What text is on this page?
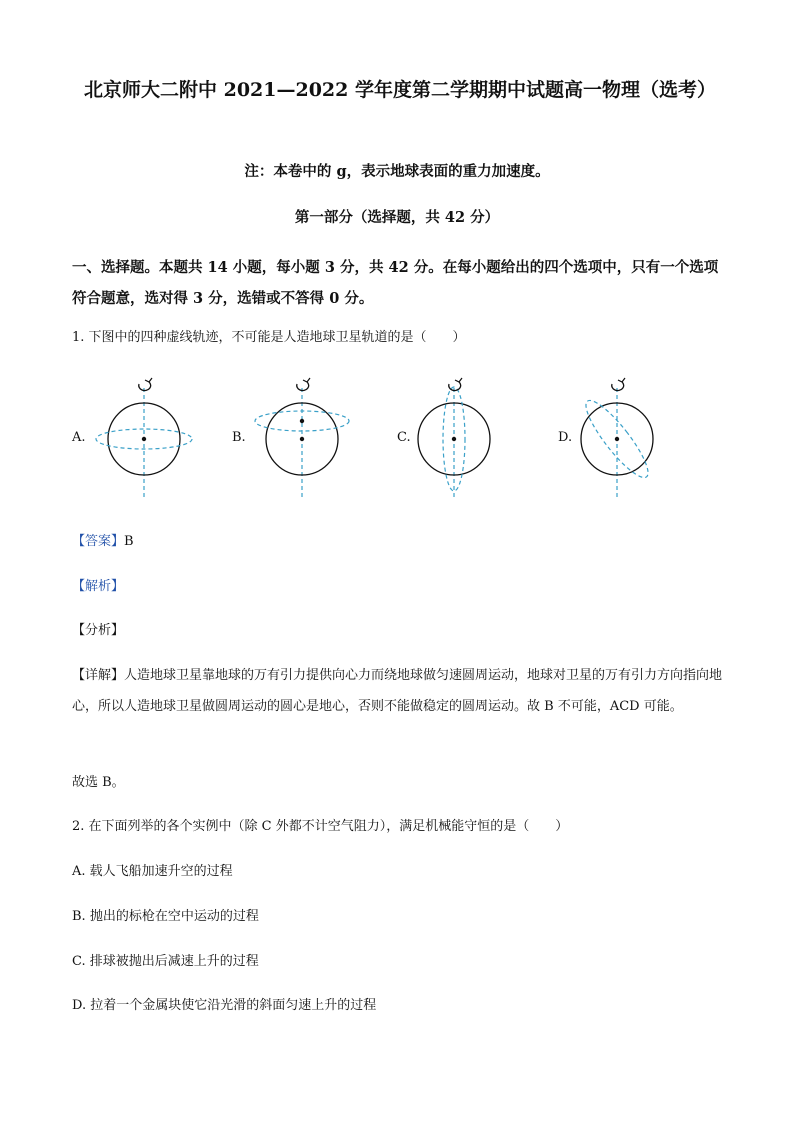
北京师大二附中 2021—2022 学年度第二学期期中试题高一物理（选考）
注：本卷中的 g，表示地球表面的重力加速度。
第一部分（选择题，共 42 分）
一、选择题。本题共 14 小题，每小题 3 分，共 42 分。在每小题给出的四个选项中，只有一个选项符合题意，选对得 3 分，选错或不答得 0 分。
1. 下图中的四种虚线轨迹，不可能是人造地球卫星轨道的是（　　）
A.	B.	C.	D.
【答案】B
【解析】
【分析】
【详解】人造地球卫星靠地球的万有引力提供向心力而绕地球做匀速圆周运动，地球对卫星的万有引力方向指向地心，所以人造地球卫星做圆周运动的圆心是地心，否则不能做稳定的圆周运动。故 B 不可能，ACD 可能。
故选 B。
2. 在下面列举的各个实例中（除 C 外都不计空气阻力），满足机械能守恒的是（　　）
A. 载人飞船加速升空的过程
B. 抛出的标枪在空中运动的过程
C. 排球被抛出后减速上升的过程
D. 拉着一个金属块使它沿光滑的斜面匀速上升的过程
